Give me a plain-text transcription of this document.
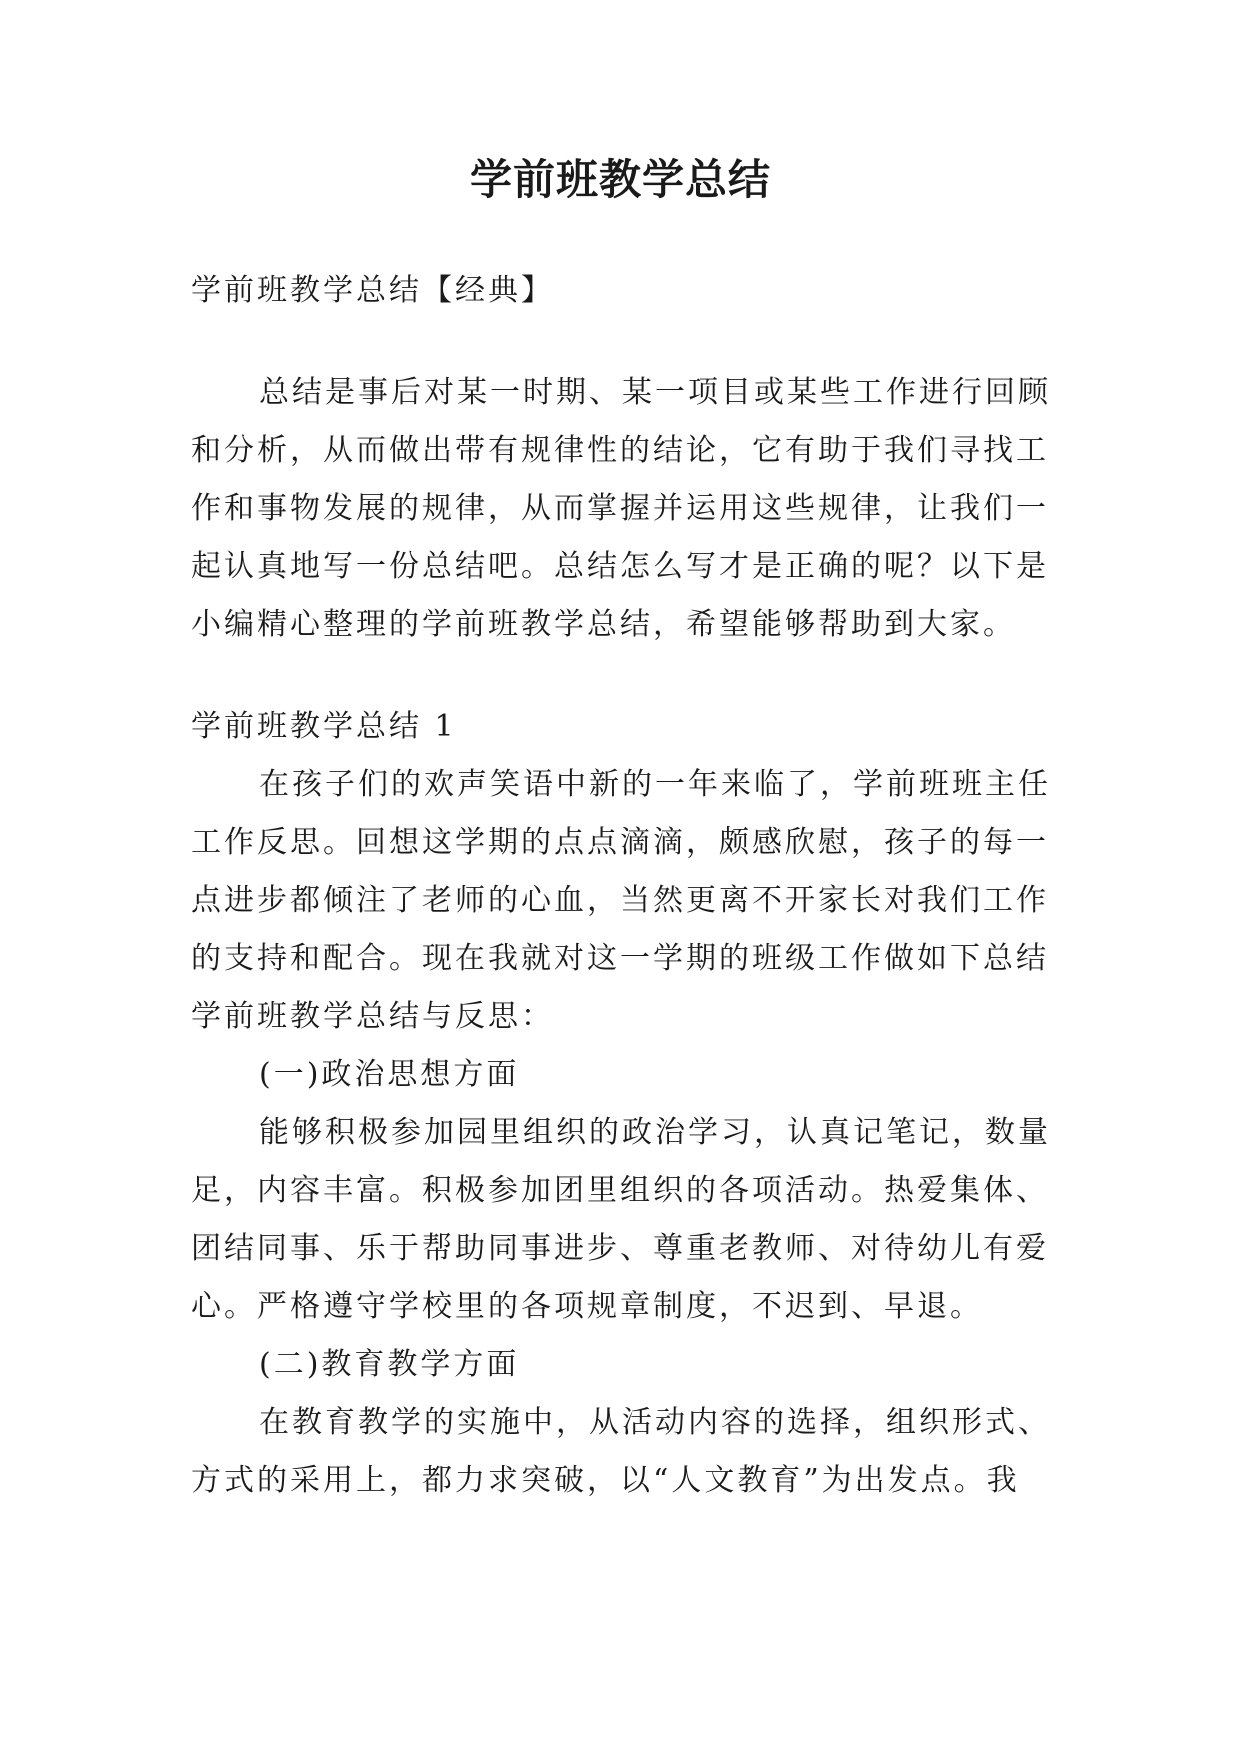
学前班教学总结
学前班教学总结【经典】
总结是事后对某一时期、某一项目或某些工作进行回顾
和分析，从而做出带有规律性的结论，它有助于我们寻找工
作和事物发展的规律，从而掌握并运用这些规律，让我们一
起认真地写一份总结吧。总结怎么写才是正确的呢？以下是
小编精心整理的学前班教学总结，希望能够帮助到大家。
学前班教学总结 1
在孩子们的欢声笑语中新的一年来临了，学前班班主任
工作反思。回想这学期的点点滴滴，颇感欣慰，孩子的每一
点进步都倾注了老师的心血，当然更离不开家长对我们工作
的支持和配合。现在我就对这一学期的班级工作做如下总结
学前班教学总结与反思：
(一)政治思想方面
能够积极参加园里组织的政治学习，认真记笔记，数量
足，内容丰富。积极参加团里组织的各项活动。热爱集体、
团结同事、乐于帮助同事进步、尊重老教师、对待幼儿有爱
心。严格遵守学校里的各项规章制度，不迟到、早退。
(二)教育教学方面
在教育教学的实施中，从活动内容的选择，组织形式、
方式的采用上，都力求突破，以“人文教育”为出发点。我
